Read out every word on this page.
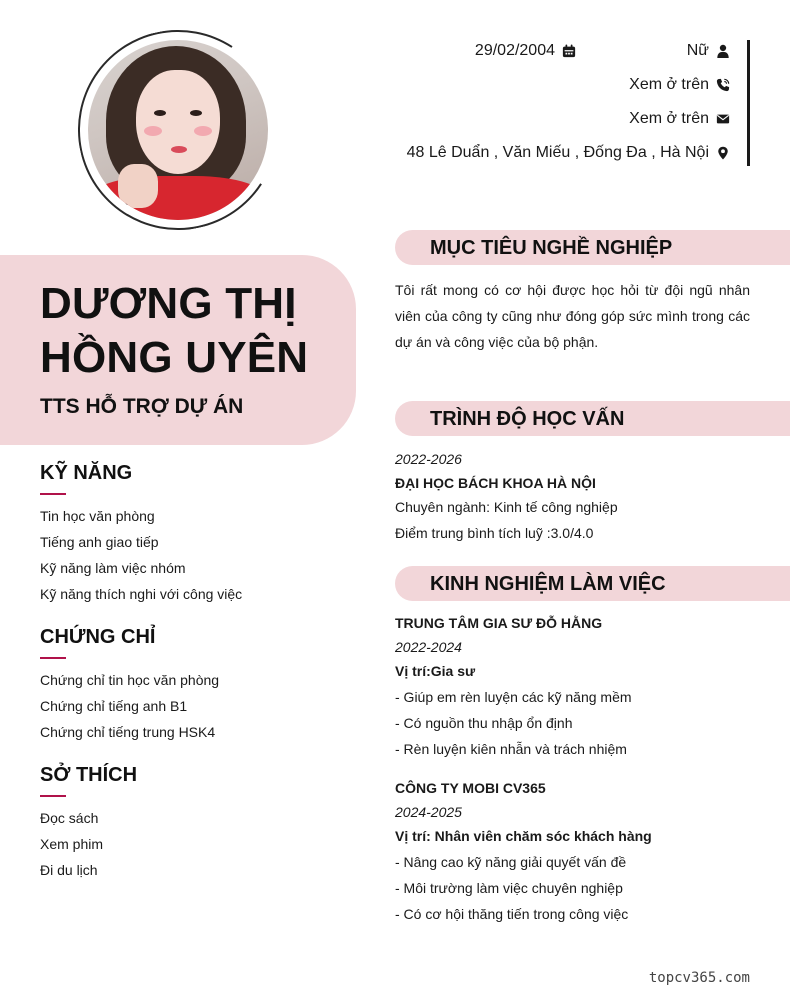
29/02/2004	Nữ
Xem ở trên
Xem ở trên
48 Lê Duẩn , Văn Miếu , Đống Đa , Hà Nội
DƯƠNG THỊ HỒNG UYÊN
TTS HỖ TRỢ DỰ ÁN
KỸ NĂNG
Tin học văn phòng
Tiếng anh giao tiếp
Kỹ năng làm việc nhóm
Kỹ năng thích nghi với công việc
CHỨNG CHỈ
Chứng chỉ tin học văn phòng
Chứng chỉ tiếng anh B1
Chứng chỉ tiếng trung HSK4
SỞ THÍCH
Đọc sách
Xem phim
Đi du lịch
MỤC TIÊU NGHỀ NGHIỆP
Tôi rất mong có cơ hội được học hỏi từ đội ngũ nhân viên của công ty cũng như đóng góp sức mình trong các dự án và công việc của bộ phận.
TRÌNH ĐỘ HỌC VẤN
2022-2026
ĐẠI HỌC BÁCH KHOA HÀ NỘI
Chuyên ngành: Kinh tế công nghiệp
Điểm trung bình tích luỹ :3.0/4.0
KINH NGHIỆM LÀM VIỆC
TRUNG TÂM GIA SƯ ĐỖ HẰNG
2022-2024
Vị trí:Gia sư
- Giúp em rèn luyện các kỹ năng mềm
- Có nguồn thu nhập ổn định
- Rèn luyện kiên nhẫn và trách nhiệm
CÔNG TY MOBI CV365
2024-2025
Vị trí: Nhân viên chăm sóc khách hàng
- Nâng cao kỹ năng giải quyết vấn đề
- Môi trường làm việc chuyên nghiệp
- Có cơ hội thăng tiến trong công việc
topcv365.com
